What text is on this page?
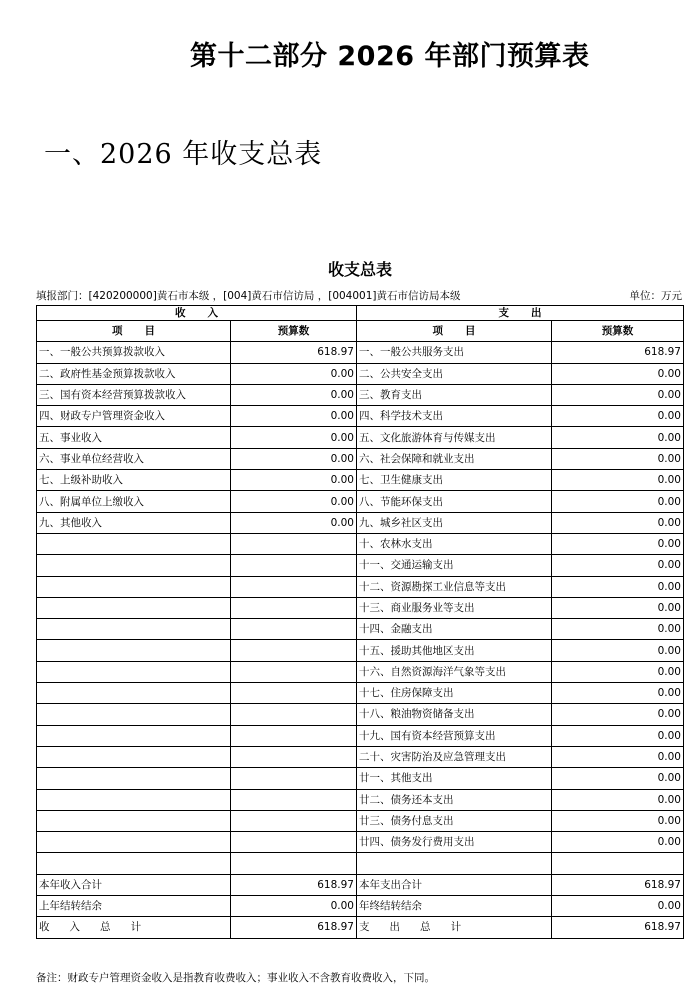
第十二部分 2026 年部门预算表
一、2026 年收支总表
收支总表
填报部门：[420200000]黄石市本级 ，[004]黄石市信访局 ，[004001]黄石市信访局本级	单位：万元
收      入		支      出	
项      目	预算数	项      目	预算数
一、一般公共预算拨款收入	618.97	一、一般公共服务支出	618.97
二、政府性基金预算拨款收入	0.00	二、公共安全支出	0.00
三、国有资本经营预算拨款收入	0.00	三、教育支出	0.00
四、财政专户管理资金收入	0.00	四、科学技术支出	0.00
五、事业收入	0.00	五、文化旅游体育与传媒支出	0.00
六、事业单位经营收入	0.00	六、社会保障和就业支出	0.00
七、上级补助收入	0.00	七、卫生健康支出	0.00
八、附属单位上缴收入	0.00	八、节能环保支出	0.00
九、其他收入	0.00	九、城乡社区支出	0.00
		十、农林水支出	0.00
		十一、交通运输支出	0.00
		十二、资源勘探工业信息等支出	0.00
		十三、商业服务业等支出	0.00
		十四、金融支出	0.00
		十五、援助其他地区支出	0.00
		十六、自然资源海洋气象等支出	0.00
		十七、住房保障支出	0.00
		十八、粮油物资储备支出	0.00
		十九、国有资本经营预算支出	0.00
		二十、灾害防治及应急管理支出	0.00
		廿一、其他支出	0.00
		廿二、债务还本支出	0.00
		廿三、债务付息支出	0.00
		廿四、债务发行费用支出	0.00

本年收入合计	618.97	本年支出合计	618.97
上年结转结余	0.00	年终结转结余	0.00
收      入      总      计	618.97	支      出      总      计	618.97
备注：财政专户管理资金收入是指教育收费收入；事业收入不含教育收费收入，下同。
